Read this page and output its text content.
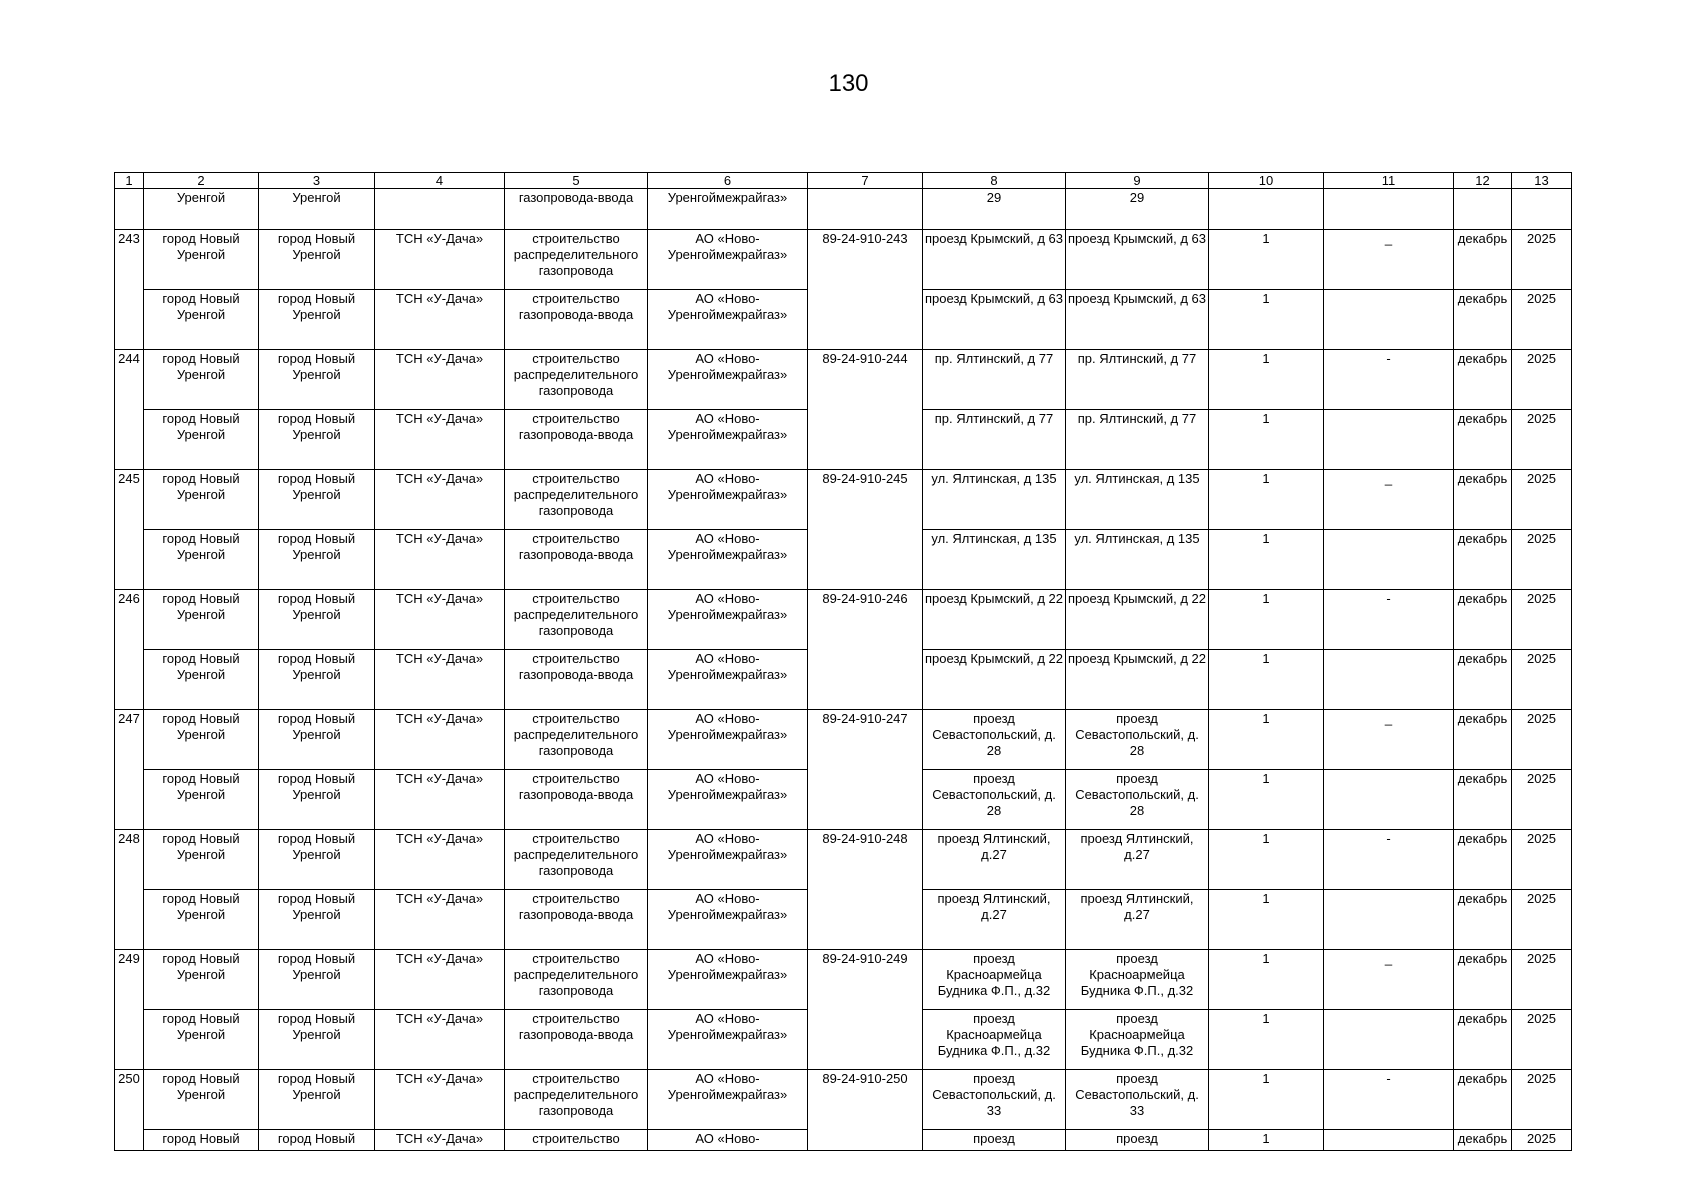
130
1	2	3	4	5	6	7	8	9	10	11	12	13
	Уренгой	Уренгой		газопровода-ввода	Уренгоймежрайгаз»		29	29				
243	город Новый Уренгой	город Новый Уренгой	ТСН «У-Дача»	строительство распределительного газопровода	АО «Ново-Уренгоймежрайгаз»	89-24-910-243	проезд Крымский, д 63	проезд Крымский, д 63	1	_	декабрь	2025
	город Новый Уренгой	город Новый Уренгой	ТСН «У-Дача»	строительство газопровода-ввода	АО «Ново-Уренгоймежрайгаз»		проезд Крымский, д 63	проезд Крымский, д 63	1		декабрь	2025
244	город Новый Уренгой	город Новый Уренгой	ТСН «У-Дача»	строительство распределительного газопровода	АО «Ново-Уренгоймежрайгаз»	89-24-910-244	пр. Ялтинский, д 77	пр. Ялтинский, д 77	1	-	декабрь	2025
	город Новый Уренгой	город Новый Уренгой	ТСН «У-Дача»	строительство газопровода-ввода	АО «Ново-Уренгоймежрайгаз»		пр. Ялтинский, д 77	пр. Ялтинский, д 77	1		декабрь	2025
245	город Новый Уренгой	город Новый Уренгой	ТСН «У-Дача»	строительство распределительного газопровода	АО «Ново-Уренгоймежрайгаз»	89-24-910-245	ул. Ялтинская, д 135	ул. Ялтинская, д 135	1	_	декабрь	2025
	город Новый Уренгой	город Новый Уренгой	ТСН «У-Дача»	строительство газопровода-ввода	АО «Ново-Уренгоймежрайгаз»		ул. Ялтинская, д 135	ул. Ялтинская, д 135	1		декабрь	2025
246	город Новый Уренгой	город Новый Уренгой	ТСН «У-Дача»	строительство распределительного газопровода	АО «Ново-Уренгоймежрайгаз»	89-24-910-246	проезд Крымский, д 22	проезд Крымский, д 22	1	-	декабрь	2025
	город Новый Уренгой	город Новый Уренгой	ТСН «У-Дача»	строительство газопровода-ввода	АО «Ново-Уренгоймежрайгаз»		проезд Крымский, д 22	проезд Крымский, д 22	1		декабрь	2025
247	город Новый Уренгой	город Новый Уренгой	ТСН «У-Дача»	строительство распределительного газопровода	АО «Ново-Уренгоймежрайгаз»	89-24-910-247	проезд Севастопольский, д. 28	проезд Севастопольский, д. 28	1	_	декабрь	2025
	город Новый Уренгой	город Новый Уренгой	ТСН «У-Дача»	строительство газопровода-ввода	АО «Ново-Уренгоймежрайгаз»		проезд Севастопольский, д. 28	проезд Севастопольский, д. 28	1		декабрь	2025
248	город Новый Уренгой	город Новый Уренгой	ТСН «У-Дача»	строительство распределительного газопровода	АО «Ново-Уренгоймежрайгаз»	89-24-910-248	проезд Ялтинский, д.27	проезд Ялтинский, д.27	1	-	декабрь	2025
	город Новый Уренгой	город Новый Уренгой	ТСН «У-Дача»	строительство газопровода-ввода	АО «Ново-Уренгоймежрайгаз»		проезд Ялтинский, д.27	проезд Ялтинский, д.27	1		декабрь	2025
249	город Новый Уренгой	город Новый Уренгой	ТСН «У-Дача»	строительство распределительного газопровода	АО «Ново-Уренгоймежрайгаз»	89-24-910-249	проезд Красноармейца Будника Ф.П., д.32	проезд Красноармейца Будника Ф.П., д.32	1	_	декабрь	2025
	город Новый Уренгой	город Новый Уренгой	ТСН «У-Дача»	строительство газопровода-ввода	АО «Ново-Уренгоймежрайгаз»		проезд Красноармейца Будника Ф.П., д.32	проезд Красноармейца Будника Ф.П., д.32	1		декабрь	2025
250	город Новый Уренгой	город Новый Уренгой	ТСН «У-Дача»	строительство распределительного газопровода	АО «Ново-Уренгоймежрайгаз»	89-24-910-250	проезд Севастопольский, д. 33	проезд Севастопольский, д. 33	1	-	декабрь	2025
	город Новый	город Новый	ТСН «У-Дача»	строительство	АО «Ново-		проезд	проезд	1		декабрь	2025
